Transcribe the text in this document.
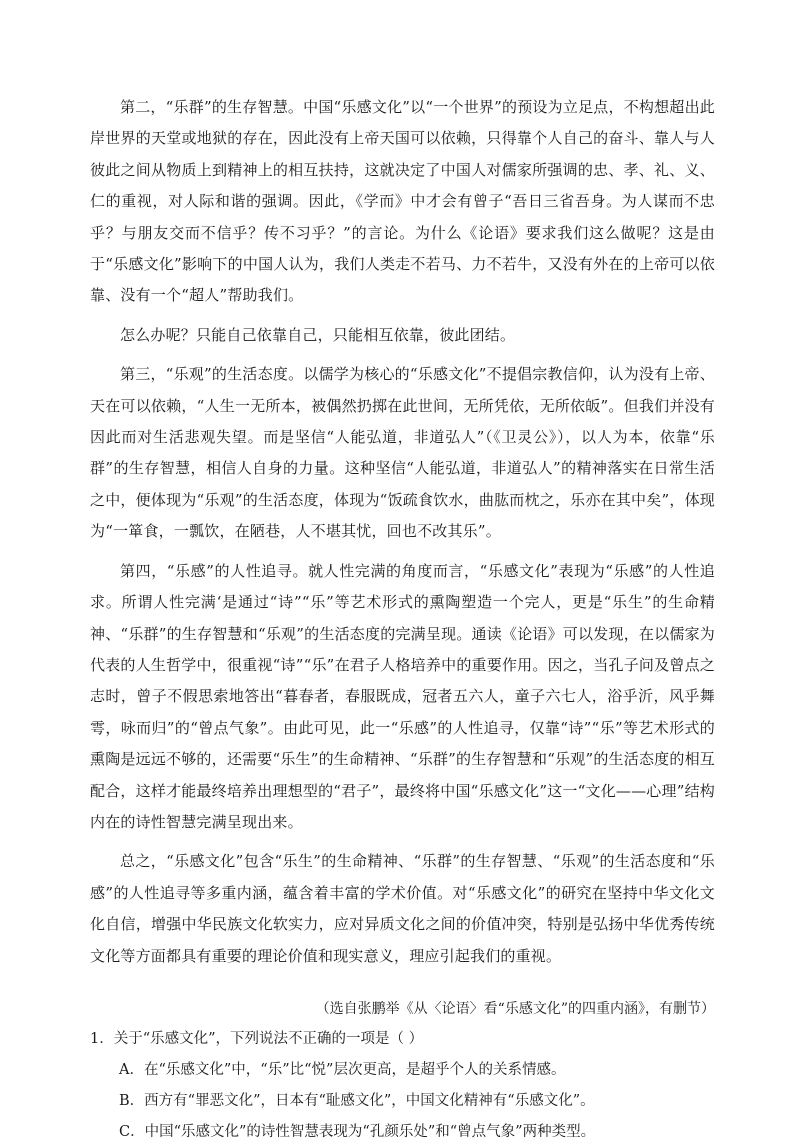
第二，“乐群”的生存智慧。中国“乐感文化”以“一个世界”的预设为立足点，不构想超出此岸世界的天堂或地狱的存在，因此没有上帝天国可以依赖，只得靠个人自己的奋斗、靠人与人彼此之间从物质上到精神上的相互扶持，这就决定了中国人对儒家所强调的忠、孝、礼、义、仁的重视，对人际和谐的强调。因此，《学而》中才会有曾子“吾日三省吾身。为人谋而不忠乎？与朋友交而不信乎？传不习乎？”的言论。为什么《论语》要求我们这么做呢？这是由于“乐感文化”影响下的中国人认为，我们人类走不若马、力不若牛，又没有外在的上帝可以依靠、没有一个“超人”帮助我们。

怎么办呢？只能自己依靠自己，只能相互依靠，彼此团结。

第三，“乐观”的生活态度。以儒学为核心的“乐感文化”不提倡宗教信仰，认为没有上帝、天在可以依赖，“人生一无所本，被偶然扔掷在此世间，无所凭依，无所依皈”。但我们并没有因此而对生活悲观失望。而是坚信“人能弘道，非道弘人”（《卫灵公》），以人为本，依靠“乐群”的生存智慧，相信人自身的力量。这种坚信“人能弘道，非道弘人”的精神落实在日常生活之中，便体现为“乐观”的生活态度，体现为“饭疏食饮水，曲肱而枕之，乐亦在其中矣”，体现为“一箪食，一瓢饮，在陋巷，人不堪其忧，回也不改其乐”。

第四，“乐感”的人性追寻。就人性完满的角度而言，“乐感文化”表现为“乐感”的人性追求。所谓人性完满‘是通过“诗”“乐”等艺术形式的熏陶塑造一个完人，更是“乐生”的生命精神、“乐群”的生存智慧和“乐观”的生活态度的完满呈现。通读《论语》可以发现，在以儒家为代表的人生哲学中，很重视“诗”“乐”在君子人格培养中的重要作用。因之，当孔子问及曾点之志时，曾子不假思索地答出“暮春者，春服既成，冠者五六人，童子六七人，浴乎沂，风乎舞雩，咏而归”的“曾点气象”。由此可见，此一“乐感”的人性追寻，仅靠“诗”“乐”等艺术形式的熏陶是远远不够的，还需要“乐生”的生命精神、“乐群”的生存智慧和“乐观”的生活态度的相互配合，这样才能最终培养出理想型的“君子”，最终将中国“乐感文化”这一“文化——心理”结构内在的诗性智慧完满呈现出来。

总之，“乐感文化”包含“乐生”的生命精神、“乐群”的生存智慧、“乐观”的生活态度和“乐感”的人性追寻等多重内涵，蕴含着丰富的学术价值。对“乐感文化”的研究在坚持中华文化文化自信，增强中华民族文化软实力，应对异质文化之间的价值冲突，特别是弘扬中华优秀传统文化等方面都具有重要的理论价值和现实意义，理应引起我们的重视。

（选自张鹏举《从〈论语〉看“乐感文化”的四重内涵》，有删节）

1．关于“乐感文化”，下列说法不正确的一项是（ ）

A．在“乐感文化”中，“乐”比“悦”层次更高，是超乎个人的关系情感。

B．西方有“罪恶文化”，日本有“耻感文化”，中国文化精神有“乐感文化”。

C．中国“乐感文化”的诗性智慧表现为“孔颜乐处”和“曾点气象”两种类型。
